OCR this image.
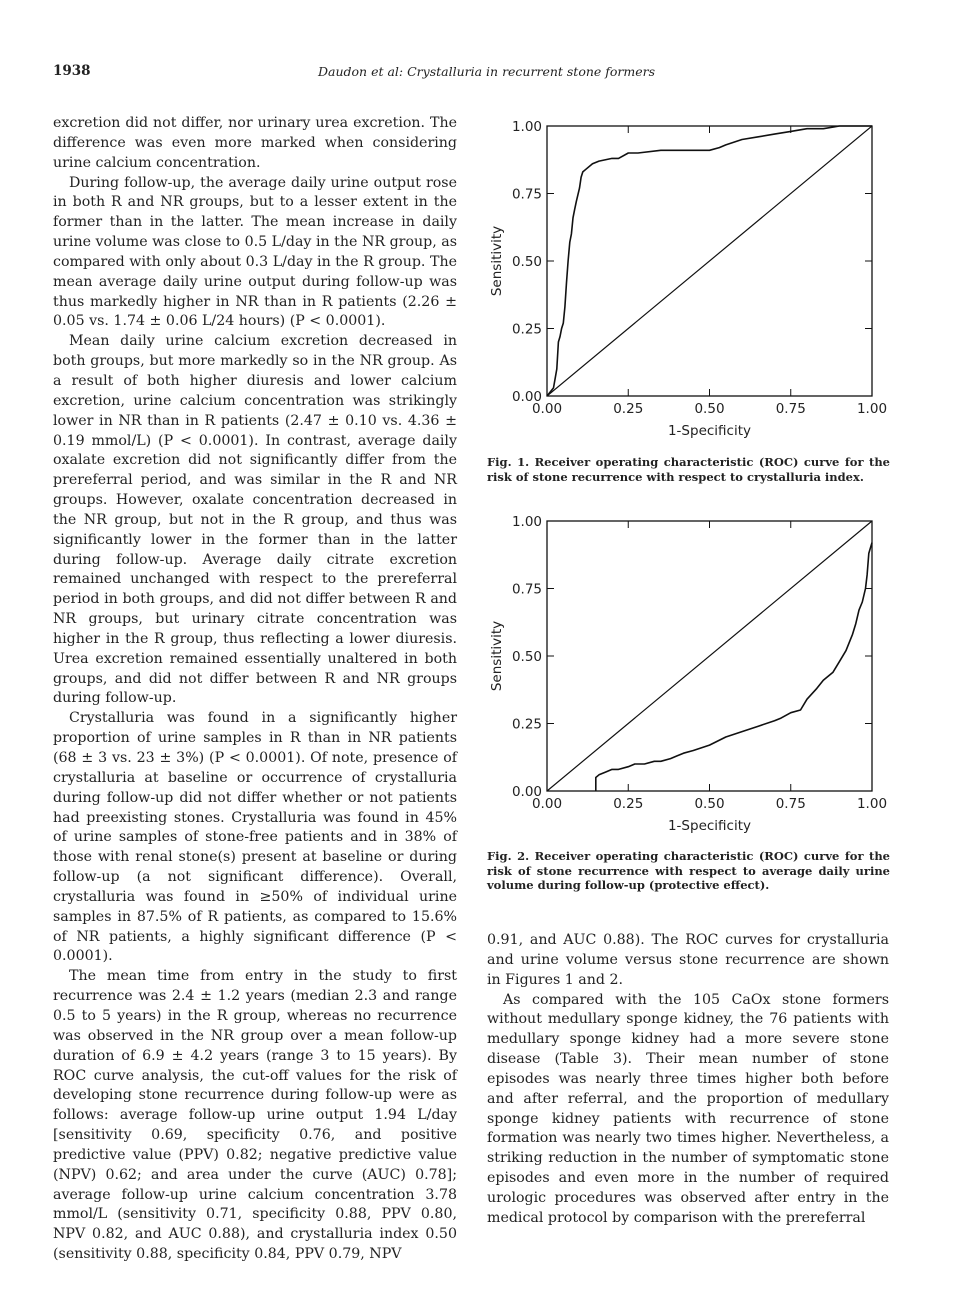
1938	Daudon et al: Crystalluria in recurrent stone formers

excretion did not differ, nor urinary urea excretion. The difference was even more marked when considering urine calcium concentration.

During follow-up, the average daily urine output rose in both R and NR groups, but to a lesser extent in the former than in the latter. The mean increase in daily urine volume was close to 0.5 L/day in the NR group, as compared with only about 0.3 L/day in the R group. The mean average daily urine output during follow-up was thus markedly higher in NR than in R patients (2.26 ± 0.05 vs. 1.74 ± 0.06 L/24 hours) (P < 0.0001).

Mean daily urine calcium excretion decreased in both groups, but more markedly so in the NR group. As a result of both higher diuresis and lower calcium excretion, urine calcium concentration was strikingly lower in NR than in R patients (2.47 ± 0.10 vs. 4.36 ± 0.19 mmol/L) (P < 0.0001). In contrast, average daily oxalate excretion did not significantly differ from the prereferral period, and was similar in the R and NR groups. However, oxalate concentration decreased in the NR group, but not in the R group, and thus was significantly lower in the former than in the latter during follow-up. Average daily citrate excretion remained unchanged with respect to the prereferral period in both groups, and did not differ between R and NR groups, but urinary citrate concentration was higher in the R group, thus reflecting a lower diuresis. Urea excretion remained essentially unaltered in both groups, and did not differ between R and NR groups during follow-up.

Crystalluria was found in a significantly higher proportion of urine samples in R than in NR patients (68 ± 3 vs. 23 ± 3%) (P < 0.0001). Of note, presence of crystalluria at baseline or occurrence of crystalluria during follow-up did not differ whether or not patients had preexisting stones. Crystalluria was found in 45% of urine samples of stone-free patients and in 38% of those with renal stone(s) present at baseline or during follow-up (a not significant difference). Overall, crystalluria was found in ≥50% of individual urine samples in 87.5% of R patients, as compared to 15.6% of NR patients, a highly significant difference (P < 0.0001).

The mean time from entry in the study to first recurrence was 2.4 ± 1.2 years (median 2.3 and range 0.5 to 5 years) in the R group, whereas no recurrence was observed in the NR group over a mean follow-up duration of 6.9 ± 4.2 years (range 3 to 15 years). By ROC curve analysis, the cut-off values for the risk of developing stone recurrence during follow-up were as follows: average follow-up urine output 1.94 L/day [sensitivity 0.69, specificity 0.76, and positive predictive value (PPV) 0.82; negative predictive value (NPV) 0.62; and area under the curve (AUC) 0.78]; average follow-up urine calcium concentration 3.78 mmol/L (sensitivity 0.71, specificity 0.88, PPV 0.80, NPV 0.82, and AUC 0.88), and crystalluria index 0.50 (sensitivity 0.88, specificity 0.84, PPV 0.79, NPV

0.00	0.25	0.50	0.75	1.00
0.00
0.25
0.50
0.75
1.00
1-Specificity
Sensitivity
Fig. 1. Receiver operating characteristic (ROC) curve for the risk of stone recurrence with respect to crystalluria index.
0.00	0.25	0.50	0.75	1.00
0.00
0.25
0.50
0.75
1.00
1-Specificity
Sensitivity
Fig. 2. Receiver operating characteristic (ROC) curve for the risk of stone recurrence with respect to average daily urine volume during follow-up (protective effect).

0.91, and AUC 0.88). The ROC curves for crystalluria and urine volume versus stone recurrence are shown in Figures 1 and 2.

As compared with the 105 CaOx stone formers without medullary sponge kidney, the 76 patients with medullary sponge kidney had a more severe stone disease (Table 3). Their mean number of stone episodes was nearly three times higher both before and after referral, and the proportion of medullary sponge kidney patients with recurrence of stone formation was nearly two times higher. Nevertheless, a striking reduction in the number of symptomatic stone episodes and even more in the number of required urologic procedures was observed after entry in the medical protocol by comparison with the prereferral
